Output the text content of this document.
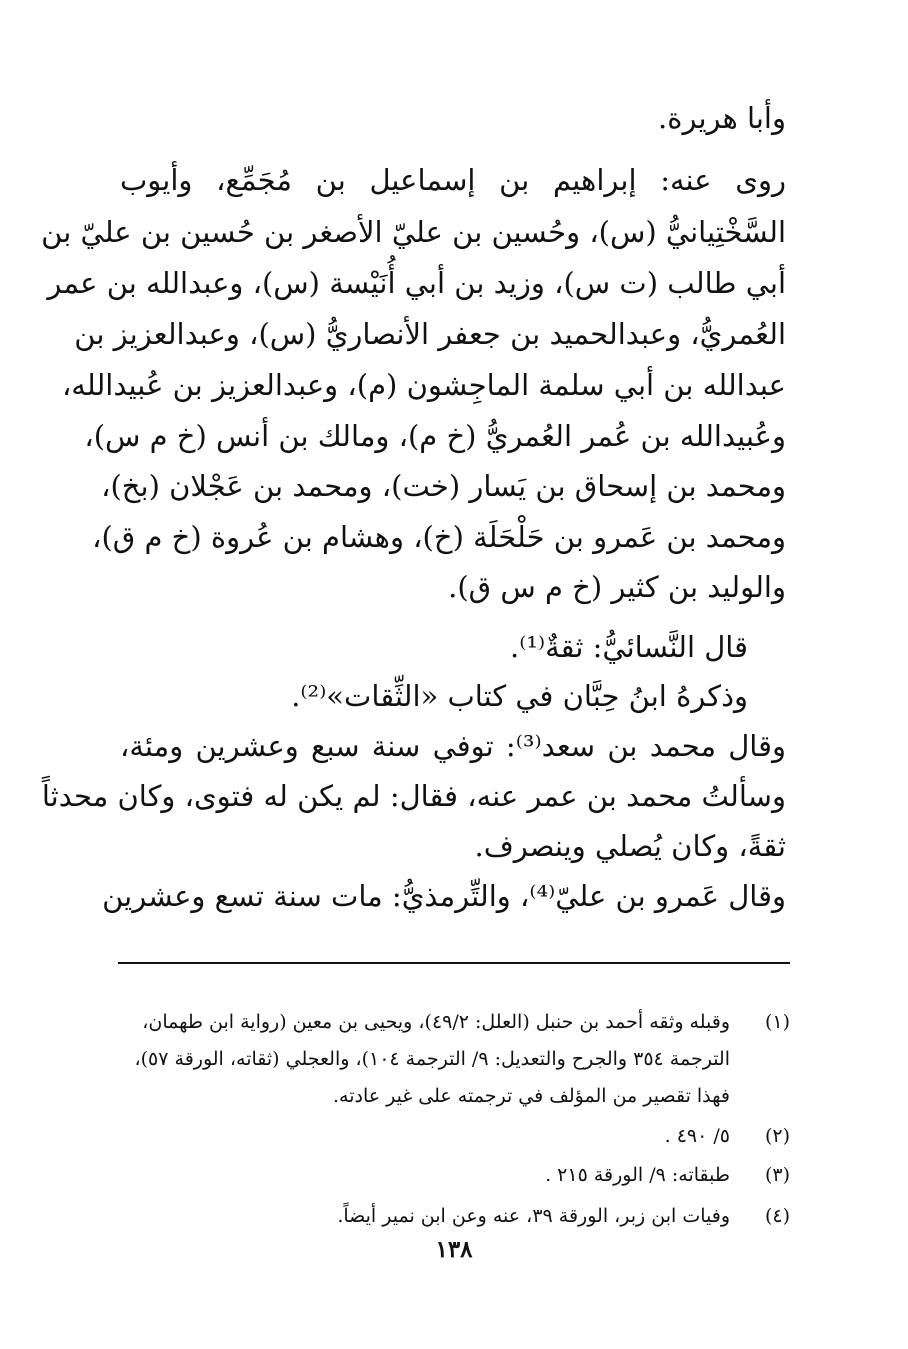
وأبا هريرة.
روى عنه: إبراهيم بن إسماعيل بن مُجَمِّع، وأيوب
السَّخْتِيانيُّ (س)، وحُسين بن عليّ الأصغر بن حُسين بن عليّ بن
أبي طالب (ت س)، وزيد بن أبي أُنَيْسة (س)، وعبدالله بن عمر
العُمريُّ، وعبدالحميد بن جعفر الأنصاريُّ (س)، وعبدالعزيز بن
عبدالله بن أبي سلمة الماجِشون (م)، وعبدالعزيز بن عُبيدالله،
وعُبيدالله بن عُمر العُمريُّ (خ م)، ومالك بن أنس (خ م س)،
ومحمد بن إسحاق بن يَسار (خت)، ومحمد بن عَجْلان (بخ)،
ومحمد بن عَمرو بن حَلْحَلَة (خ)، وهشام بن عُروة (خ م ق)،
والوليد بن كثير (خ م س ق).
قال النَّسائيُّ: ثقةٌ⁽¹⁾.
وذكرهُ ابنُ حِبَّان في كتاب «الثِّقات»⁽²⁾.
وقال محمد بن سعد⁽³⁾: توفي سنة سبع وعشرين ومئة،
وسألتُ محمد بن عمر عنه، فقال: لم يكن له فتوى، وكان محدثاً
ثقةً، وكان يُصلي وينصرف.
وقال عَمرو بن عليّ⁽⁴⁾، والتِّرمذيُّ: مات سنة تسع وعشرين
(١)
وقبله وثقه أحمد بن حنبل (العلل: ٤٩/٢)، ويحيى بن معين (رواية ابن طهمان،
الترجمة ٣٥٤ والجرح والتعديل: ٩/ الترجمة ١٠٤)، والعجلي (ثقاته، الورقة ٥٧)،
فهذا تقصير من المؤلف في ترجمته على غير عادته.
(٢)
٥/ ٤٩٠ .
(٣)
طبقاته: ٩/ الورقة ٢١٥ .
(٤)
وفيات ابن زبر، الورقة ٣٩، عنه وعن ابن نمير أيضاً.
١٣٨
